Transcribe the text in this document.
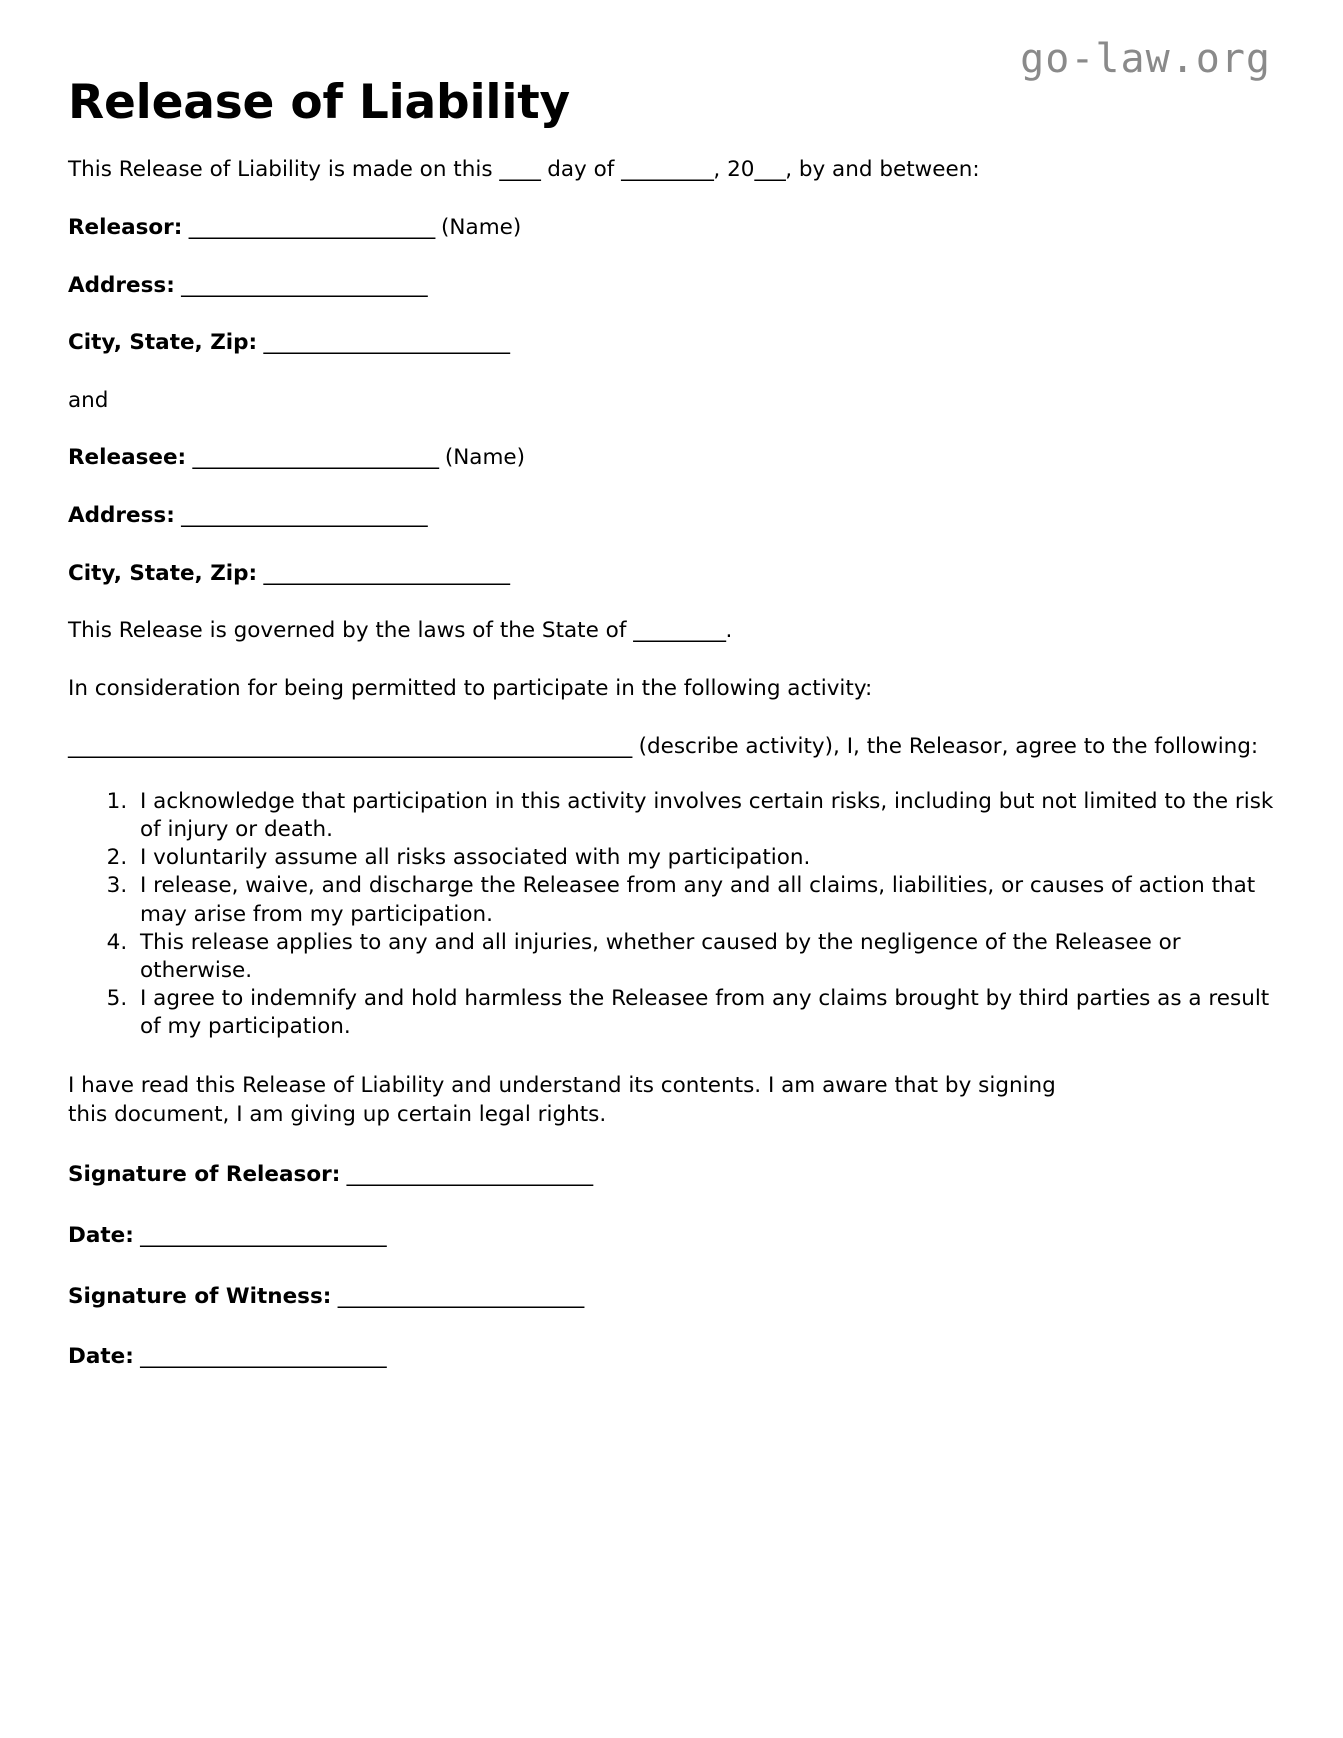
go-law.org
Release of Liability

This Release of Liability is made on this ____ day of _________, 20___, by and between:

Releasor: ________________________ (Name)

Address: ________________________

City, State, Zip: ________________________

and

Releasee: ________________________ (Name)

Address: ________________________

City, State, Zip: ________________________

This Release is governed by the laws of the State of _________.

In consideration for being permitted to participate in the following activity:

_______________________________________________________ (describe activity), I, the Releasor, agree to the following:

1. I acknowledge that participation in this activity involves certain risks, including but not limited to the risk of injury or death.
2. I voluntarily assume all risks associated with my participation.
3. I release, waive, and discharge the Releasee from any and all claims, liabilities, or causes of action that may arise from my participation.
4. This release applies to any and all injuries, whether caused by the negligence of the Releasee or otherwise.
5. I agree to indemnify and hold harmless the Releasee from any claims brought by third parties as a result of my participation.

I have read this Release of Liability and understand its contents. I am aware that by signing this document, I am giving up certain legal rights.

Signature of Releasor: ________________________

Date: ________________________

Signature of Witness: ________________________

Date: ________________________
